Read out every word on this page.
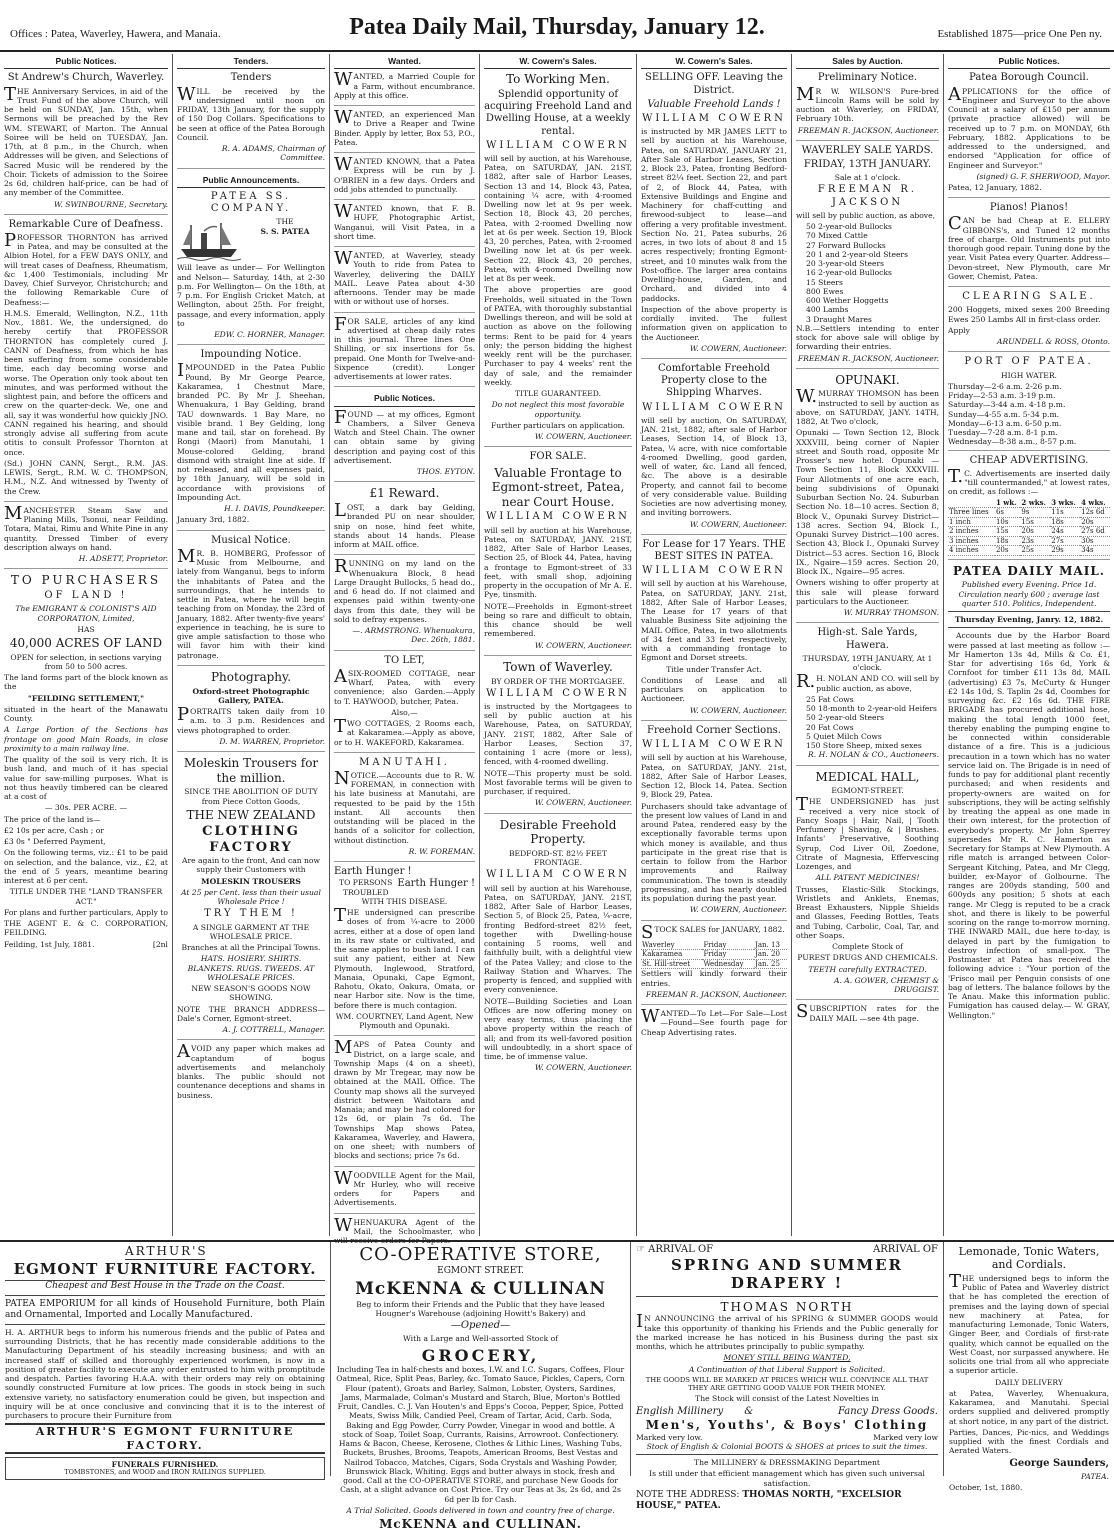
Offices : Patea, Waverley, Hawera, and Manaia.	Patea Daily Mail, Thursday, January 12.	Established 1875—price One Pen ny.
Public Notices.
St Andrew's Church, Waverley.

THE Anniversary Services, in aid of the Trust Fund of the above Church, will be held on SUNDAY, Jan. 15th, when Sermons will be preached by the Rev WM. STEWART, of Marton. The Annual Soiree will be held on TUESDAY, Jan. 17th, at 8 p.m., in the Church, when Addresses will be given, and Selections of Sacred Music will be rendered by the Choir. Tickets of admission to the Soiree 2s 6d, children half-price, can be had of any member of the Committee.

W. SWINBOURNE, Secretary.

Remarkable Cure of Deafness.

PROFESSOR THORNTON has arrived in Patea, and may be consulted at the Albion Hotel, for a FEW DAYS ONLY, and will treat cases of Deafness, Rheumatism, &c 1,400 Testimonials, including Mr Davey, Chief Surveyor, Christchurch; and the following Remarkable Cure of Deafness:—

H.M.S. Emerald, Wellington, N.Z., 11th Nov., 1881. We, the undersigned, do hereby certify that PROFESSOR THORNTON has completely cured J. CANN of Deafness, from which he has been suffering from some considerable time, each day becoming worse and worse. The Operation only took about ten minutes, and was performed without the slightest pain, and before the officers and crew on the quarter-deck. We, one and all, say it was wonderful how quickly JNO. CANN regained his hearing, and should strongly advise all suffering from acute otitis to consult Professor Thornton at once.

(Sd.) JOHN CANN, Sergt., R.M. JAS. LEWIS, Sergt., R.M. W. C. THOMPSON, H.M., N.Z. And witnessed by Twenty of the Crew.

MANCHESTER Steam Saw and Planing Mills, Tsonui, near Feilding. Totara, Matai, Rimu and White Pine in any quantity. Dressed Timber of every description always on hand.

H. ADSETT, Proprietor.

TO PURCHASERS
OF LAND !

The EMIGRANT & COLONIST'S AID CORPORATION, Limited,

HAS

40,000 ACRES OF LAND

OPEN for selection, in sections varying from 50 to 500 acres.

The land forms part of the block known as the

"FEILDING SETTLEMENT,"

situated in the heart of the Manawatu County.

A Large Portion of the Sections has frontage on good Main Roads, in close proximity to a main railway line.

The quality of the soil is very rich. It is bush land, and much of it has special value for saw-milling purposes. What is not thus heavily timbered can be cleared at a cost of

— 30s. PER ACRE. —

The price of the land is—

£2 10s per acre, Cash ; or

£3 0s " Deferred Payment,

On the following terms, viz.: £1 to be paid on selection, and the balance, viz., £2, at the end of 5 years, meantime bearing interest at 6 per cent.

TITLE UNDER THE "LAND TRANSFER ACT."

For plans and further particulars, Apply to

THE AGENT E. & C. CORPORATION, FEILDING.

Feilding, 1st July, 1881.	[2nl

Tenders.
Tenders

WILL be received by the undersigned until noon on FRIDAY, 13th January, for the supply of 150 Dog Collars. Specifications to be seen at office of the Patea Borough Council.

R. A. ADAMS, Chairman of Committee.

Public Announcements.
PATEA SS. COMPANY.
THE
S. S. PATEA

Will leave as under— For Wellington and Nelson— Saturday, 14th, at 2-30 p.m. For Wellington— On the 18th, at 7 p.m. For English Cricket Match, at Wellington, about 25th. For freight, passage, and every information, apply to

EDW. C. HORNER, Manager.

Impounding Notice.

IMPOUNDED in the Patea Public Pound, By Mr George Pearce, Kakaramea, 1 Chestnut Mare, branded PC. By Mr J. Sheehan, Whenuakura, 1 Bay Gelding, brand TAU downwards. 1 Bay Mare, no visible brand. 1 Bey Gelding, long mane and tail, star on forehead. By Rongi (Maori) from Manutahi, 1 Mouse-colored Gelding, brand dismond with straight line at side. If not released, and all expenses paid, by 18th January, will be sold in accordance with provisions of Impounding Act.

H. I. DAVIS, Poundkeeper.

January 3rd, 1882.

Musical Notice.

MR. B. HOMBERG, Professor of Music from Melbourne, and lately from Wanganui, begs to inform the inhabitants of Patea and the surroundings, that he intends to settle in Patea, where he will begin teaching from on Monday, the 23rd of January, 1882. After twenty-five years' experience in teaching, he is sure to give ample satisfaction to those who will favor him with their kind patronage.

Photography.

Oxford-street Photographic Gallery, PATEA.

PORTRAITS taken daily from 10 a.m. to 3 p.m. Residences and views photographed to order.

D. M. WARREN, Proprietor.

Moleskin Trousers for the million.

SINCE THE ABOLITION OF DUTY from Piece Cotton Goods,

THE NEW ZEALAND
CLOTHING FACTORY

Are again to the front, And can now supply their Customers with

MOLESKIN TROUSERS

At 25 per Cent. less than their usual Wholesale Price !

TRY THEM !

A SINGLE GARMENT AT THE WHOLESALE PRICE.

Branches at all the Principal Towns.

HATS. HOSIERY. SHIRTS. BLANKETS. RUGS. TWEEDS. AT WHOLESALE PRICES.

NEW SEASON'S GOODS NOW SHOWING.

NOTE THE BRANCH ADDRESS— Dale's Corner, Egmont-street.

A. J. COTTRELL, Manager.

AVOID any paper which makes ad captandum of bogus advertisements and melancholy blanks. The public should not countenance deceptions and shams in business.

Wanted.

WANTED, a Married Couple for a Farm, without encumbrance. Apply at this office.

WANTED, an experienced Man to Drive a Reaper and Twine Binder. Apply by letter, Box 53, P.O., Patea.

WANTED KNOWN, that a Patea Express will be run by J. O'BRIEN in a few days. Orders and odd jobs attended to punctually.

WANTED known, that F. B. HUFF, Photographic Artist, Wanganui, will Visit Patea, in a short time.

WANTED, at Waverley, steady Youth to ride from Patea to Waverley, delivering the DAILY MAIL. Leave Patea about 4-30 afternoons. Tender may be made with or without use of horses.

FOR SALE, articles of any kind advertised at cheap daily rates in this journal. Three lines One Shilling, or six insertions for 5s. prepaid. One Month for Twelve-and-Sixpence (credit). Longer advertisements at lower rates.

Public Notices.

FOUND — at my offices, Egmont Chambers, a Silver Geneva Watch and Steel Chain. The owner can obtain same by giving description and paying cost of this advertisement.

THOS. EYTON.

£1 Reward.

LOST, a dark bay Gelding, branded PU on near shoulder, snip on nose, hind feet white, stands about 14 hands. Please inform at MAIL office.

RUNNING on my land on the Whenuakura Block, 8 head Large Draught Bullocks, 5 head do., and 6 head do. If not claimed and expenses paid within twenty-one days from this date, they will be sold to defray expenses.

—. ARMSTRONG. Whenuakura, Dec. 26th, 1881.

TO LET,

ASIX-ROOMED COTTAGE, near Wharf, Patea, with every convenience; also Garden.—Apply to T. HAYWOOD, butcher, Patea.

Also,—

TWO COTTAGES, 2 Rooms each, at Kakaramea.—Apply as above, or to H. WAKEFORD, Kakaramea.

MANUTAHI.

NOTICE.—Accounts due to R. W. FOREMAN, in connection with his late business at Manutahi, are requested to be paid by the 15th instant. All accounts then outstanding will be placed in the hands of a solicitor for collection, without distinction.

R. W. FOREMAN.

Earth Hunger !
Earth Hunger !

TO PERSONS TROUBLED WITH THIS DISEASE.

THE undersigned can prescribe doses of from ¼-acre to 2000 acres, either at a dose of open land in its raw state or cultivated, and the same applies to bush land. I can suit any patient, either at New Plymouth, Inglewood, Stratford, Manaia, Opunaki, Cape Egmont, Rahotu, Okato, Oakura, Omata, or near Harbor site. Now is the time, before there is much contagion.

WM. COURTNEY, Land Agent, New Plymouth and Opunaki.

MAPS of Patea County and District, on a large scale, and Township Maps (4 on a sheet), drawn by Mr Tregear, may now be obtained at the MAIL Office. The County map shows all the surveyed district between Waitotara and Manaia; and may be had colored for 12s 6d, or plain 7s 6d. The Townships Map shows Patea, Kakaramea, Waverley, and Hawera, on one sheet; with numbers of blocks and sections; price 7s 6d.

WOODVILLE Agent for the Mail, Mr Hurley, who will receive orders for Papers and Advertisements.

WHENUAKURA Agent of the Mail, the Schoolmaster, who will receive orders for Papers.

W. Cowern's Sales.
To Working Men.
Splendid opportunity of acquiring Freehold Land and Dwelling House, at a weekly rental.
WILLIAM COWERN

will sell by auction, at his Warehouse, Patea, on SATURDAY, JAN. 21ST, 1882, after sale of Harbor Leases, Section 13 and 14, Block 43, Patea, containing ¼ acre, with 4-roomed Dwelling now let at 9s per week. Section 18, Block 43, 20 perches, Patea, with 2-roomed Dwelling now let at 6s per week. Section 19, Block 43, 20 perches, Patea, with 2-roomed Dwelling now let at 6s per week. Section 22, Block 43, 20 perches, Patea, with 4-roomed Dwelling now let at 8s per week.

The above properties are good Freeholds, well situated in the Town of PATEA, with thoroughly substantial Dwellings thereon, and will be sold at auction as above on the following terms: Rent to be paid for 4 years only; the person bidding the highest weekly rent will be the purchaser. Purchaser to pay 4 weeks' rent the day of sale, and the remainder weekly.

TITLE GUARANTEED.

Do not neglect this most favorable opportunity.

Further particulars on application.

W. COWERN, Auctioneer.

FOR SALE.
Valuable Frontage to Egmont-street, Patea, near Court House.
WILLIAM COWERN

will sell by auction at his Warehouse, Patea, on SATURDAY, JANY. 21ST, 1882, After Sale of Harbor Leases, Section 25, of Block 44, Patea, having a frontage to Egmont-street of 33 feet, with small shop, adjoining property in the occupation of Mr A. E. Pye, tinsmith.

NOTE—Freeholds in Egmont-street being so rare and difficult to obtain, this chance should be well remembered.

W. COWERN, Auctioneer.

Town of Waverley.

BY ORDER OF THE MORTGAGEE.

WILLIAM COWERN

is instructed by the Mortgagees to sell by public auction at his Warehouse, Patea, on SATURDAY, JANY. 21ST, 1882, After Sale of Harbor Leases, Section 37, containing 1 acre (more or less), fenced, with 4-roomed dwelling.

NOTE—This property must be sold. Most favorable terms will be given to purchaser, if required.

W. COWERN, Auctioneer.

Desirable Freehold Property.

BEDFORD-ST. 82½ FEET FRONTAGE.

WILLIAM COWERN

will sell by auction at his Warehouse, Patea, on SATURDAY, JANY. 21ST, 1882, After Sale of Harbor Leases, Section 5, of Block 25, Patea, ¼-acre, fronting Bedford-street 82½ feet, together with Dwelling-house containing 5 rooms, well and faithfully built, with a delightful view of the Patea Valley; and close to the Railway Station and Wharves. The property is fenced, and supplied with every convenience.

NOTE—Building Societies and Loan Offices are now offering money on very easy terms, thus placing the above property within the reach of all; and from its well-favored position will undoubtedly, in a short space of time, be of immense value.

W. COWERN, Auctioneer.

W. Cowern's Sales.
SELLING OFF. Leaving the District.
Valuable Freehold Lands !
WILLIAM COWERN

is instructed by MR JAMES LETT to sell by auction at his Warehouse, Patea, on SATURDAY, JANUARY 21, After Sale of Harbor Leases, Section 2, Block 23, Patea, fronting Bedford-street 82¼ feet. Section 22, and part of 2, of Block 44, Patea, with Extensive Buildings and Engine and Machinery for chaff-cutting and firewood-subject to lease—and offering a very profitable investment. Section No. 21, Patea suburbs, 26 acres, in two lots of about 8 and 15 acres respectively; fronting Egmont-street, and 10 minutes walk from the Post-office. The larger area contains Dwelling-house, Garden, and Orchard, and divided into 4 paddocks.

Inspection of the above property is cordially invited. The fullest information given on application to the Auctioneer.

W. COWERN, Auctioneer.

Comfortable Freehold Property close to the Shipping Wharves.
WILLIAM COWERN

will sell by auction, On SATURDAY, JAN. 21st, 1882, after sale of Harbor Leases, Section 14, of Block 13, Patea, ¼ acre, with nice comfortable 4-roomed Dwelling, good garden, well of water, &c. Land all fenced, &c. The above is a desirable Property, and cannot fail to become of very considerable value. Building Societies are now advertising money, and inviting borrowers.

W. COWERN, Auctioneer.

For Lease for 17 Years. THE BEST SITES IN PATEA.
WILLIAM COWERN

will sell by auction at his Warehouse, Patea, on SATURDAY, JANY. 21st, 1882, After Sale of Harbor Leases, The Lease for 17 years of that valuable Business Site adjoining the MAIL Office, Patea, in two allotments of 34 feet and 33 feet respectively, with a commanding frontage to Egmont and Dorset streets.

Title under Transfer Act.

Conditions of Lease and all particulars on application to Auctioneer.

W. COWERN, Auctioneer.

Freehold Corner Sections.
WILLIAM COWERN

will sell by auction at his Warehouse, Patea, on SATURDAY, JANY. 21st, 1882, After Sale of Harbor Leases, Section 12, Block 14, Patea. Section 9, Block 29, Patea.

Purchasers should take advantage of the present low values of Land in and around Patea, rendered easy by the exceptionally favorable terms upon which money is available, and thus participate in the great rise that is certain to follow from the Harbor improvements and Railway communication. The town is steadily progressing, and has nearly doubled its population during the past year.

W. COWERN, Auctioneer.

STOCK SALES for JANUARY, 1882.

Waverley	Friday	Jan. 13
Kakaramea	Friday	Jan. 20
St. Hill-street	Wednesday	Jan. 25

Settlers will kindly forward their entries.

FREEMAN R. JACKSON, Auctioneer.

WANTED—To Let—For Sale—Lost—Found—See fourth page for Cheap Advertising rates.

Sales by Auction.
Preliminary Notice.

MR W. WILSON'S Pure-bred Lincoln Rams will be sold by auction at Waverley, on FRIDAY, February 10th.

FREEMAN R. JACKSON, Auctioneer.

WAVERLEY SALE YARDS.
FRIDAY, 13TH JANUARY.

Sale at 1 o'clock.

FREEMAN R. JACKSON

will sell by public auction, as above,

50 2-year-old Bullocks
70 Mixed Cattle
27 Forward Bullocks
20 1 and 2-year-old Steers
20 3-year-old Steers
16 2-year-old Bullocks
15 Steers
800 Ewes
600 Wether Hoggetts
400 Lambs
3 Draught Mares

N.B.—Settlers intending to enter stock for above sale will oblige by forwarding their entries.

FREEMAN R. JACKSON, Auctioneer.

OPUNAKI.

W.MURRAY THOMSON has been instructed to sell by auction as above, on SATURDAY, JANY. 14TH, 1882, At Two o'clock,

Opunaki — Town Section 12, Block XXXVIII, being corner of Napier street and South road, opposite Mr Prosser's new hotel. Opunaki — Town Section 11, Block XXXVIII. Four Allotments of one acre each, being subdivisions of Opunaki Suburban Section No. 24. Suburban Section No. 18—10 acres. Section 8, Block V., Opunaki Survey District—138 acres. Section 94, Block I., Opunaki Survey District—100 acres. Section 43, Block I., Opunaki Survey District—53 acres. Section 16, Block IX., Ngaire—159 acres. Section 20, Block IX., Ngaire—95 acres.

Owners wishing to offer property at this sale will please forward particulars to the Auctioneer.

W. MURRAY THOMSON.

High-st. Sale Yards, Hawera.

THURSDAY, 19TH JANUARY, At 1 o'clock.

R.H. NOLAN AND CO. will sell by public auction, as above,

25 Fat Cows
50 18-month to 2-year-old Heifers
50 2-year-old Steers
20 Fat Cows
5 Quiet Milch Cows
150 Store Sheep, mixed sexes

R. H. NOLAN & CO., Auctioneers.

MEDICAL HALL,

EGMONT-STREET.

THE UNDERSIGNED has just received a very nice stock of Fancy Soaps | Hair, Nail, | Tooth Perfumery | Shaving, & | Brushes. Infants' Preservative, Soothing Syrup, Cod Liver Oil, Zoedone, Citrate of Magnesia, Effervescing Lozenges, and

ALL PATENT MEDICINES!

Trusses, Elastic-Silk Stockings, Wristlets and Anklets, Enemas, Breast Exhausters, Nipple Shields and Glasses, Feeding Bottles, Teats and Tubing, Carbolic, Coal, Tar, and other Soaps.

Complete Stock of

PUREST DRUGS AND CHEMICALS.

TEETH carefully EXTRACTED.

A. A. GOWER, CHEMIST & DRUGGIST.

SUBSCRIPTION rates for the DAILY MAIL —see 4th page.

Public Notices.
Patea Borough Council.

APPLICATIONS for the office of Engineer and Surveyor to the above Council at a salary of £150 per annum (private practice allowed) will be received up to 7 p.m. on MONDAY, 6th February, 1882. Applications to be addressed to the undersigned, and endorsed "Application for office of Engineer and Surveyor."

(signed) G. F. SHERWOOD, Mayor.

Patea, 12 January, 1882.

Pianos! Pianos!

CAN be had Cheap at E. ELLERY GIBBONS's, and Tuned 12 months free of charge. Old Instruments put into thorough good repair. Tuning done by the year. Visit Patea every Quarter. Address—Devon-street, New Plymouth, care Mr Gower, Chemist, Patea.

CLEARING SALE.

200 Hoggets, mixed sexes 200 Breeding Ewes 250 Lambs All in first-class order.

Apply

ARUNDELL & ROSS, Otonto.

PORT OF PATEA.

HIGH WATER.

Thursday—2-6 a.m. 2-26 p.m.
Friday—2-53 a.m. 3-19 p.m.
Saturday—3-44 a.m. 4-18 p.m.
Sunday—4-55 a.m. 5-34 p.m.
Monday—6-13 a.m. 6-50 p.m.
Tuesday—7-28 a.m. 8-1 p.m.
Wednesday—8-38 a.m., 8-57 p.m.
CHEAP ADVERTISING.

T.C. Advertisements are inserted daily "till countermanded," at lowest rates, on credit, as follows :—

	1 wk.	2 wks.	3 wks.	4 wks.
Three lines	6s	9s	11s	12s 6d
1 inch	10s	15s	18s	20s
2 inches	15s	20s	24s	27s 6d
3 inches	18s	23s	27s	30s
4 inches	20s	25s	29s	34s
PATEA DAILY MAIL.

Published every Evening. Price 1d. Circulation nearly 600 ; average last quarter 510. Politics, Independent.

Thursday Evening, Janry. 12, 1882.

Accounts due by the Harbor Board were passed at last meeting as follow :— Mr Hamerton 13s 4d, Mills & Co. £1, Star for advertising 16s 6d, York & Cornfoot for timber £11 13s 8d, MAIL (advertising) £3 7s, McCurty & Hunger £2 14s 10d, S. Taplin 2s 4d, Coombes for surveying &c. £2 16s 6d. THE FIRE BRIGADE has procured additional hose, making the total length 1000 feet, thereby enabling the pumping engine to be connected within considerable distance of a fire. This is a judicious precaution in a town which has no water service laid on. The Brigade is in need of funds to pay for additional plant recently purchased; and when residents and property-owners are waited on for subscriptions, they will be acting selfishly by treating the appeal as one made in their own interest, for the protection of everybody's property. Mr John Sperrey supersedes Mr R. C. Hamerton as Secretary for Stamps at New Plymouth. A rifle match is arranged between Color-Sergeant Kitching, Patea, and Mr Clegg, builder, ex-Mayor of Golbourne. The ranges are 200yds standing, 500 and 600yds any position; 5 shots at each range. Mr Clegg is reputed to be a crack shot, and there is likely to be powerful scoring on the range to-morrow morning. THE INWARD MAIL, due here to-day, is delayed in part by the fumigation to destroy infection of small-pox. The Postmaster at Patea has received the following advice : "Your portion of the 'Frisco mail per Penguin consists of one bag of letters. The balance follows by the Te Anau. Make this information public. Fumigation has caused delay.— W. GRAY, Wellington."

ARTHUR'S
EGMONT FURNITURE FACTORY.

Cheapest and Best House in the Trade on the Coast.

PATEA EMPORIUM for all kinds of Household Furniture, both Plain and Ornamental, Imported and Locally Manufactured.

H. A. ARTHUR begs to inform his numerous friends and the public of Patea and surrounding Districts, that he has recently made considerable additions to the Manufacturing Department of his steadily increasing business; and with an increased staff of skilled and thoroughly experienced workmen, is now in a position of greater facility to execute any order entrusted to him with promptitude and despatch. Parties favoring H.A.A. with their orders may rely on obtaining soundly constructed Furniture at low prices. The goods in stock being in such extensive variety, no satisfactory enumeration could be given, but inspection and inquiry will be at once conclusive and convincing that it is to the interest of purchasers to procure their Furniture from

ARTHUR'S EGMONT FURNITURE FACTORY.
FUNERALS FURNISHED.
TOMBSTONES, and WOOD and IRON RAILINGS SUPPLIED.
CO-OPERATIVE STORE,

EGMONT STREET.

McKENNA & CULLINAN

Beg to inform their Friends and the Public that they have leased Hougner's Warehouse (adjoining Howitt's Bakery) and

—Opened—

With a Large and Well-assorted Stock of

GROCERY,

Including Tea in half-chests and boxes, I.W. and I.C. Sugars, Coffees, Flour Oatmeal, Rice, Split Peas, Barley, &c. Tomato Sauce, Pickles, Capers, Corn Flour (patent), Groats and Barley, Salmon, Lobster, Oysters, Sardines, Jams, Marmalade, Colman's Mustard and Starch, Blue, Morton's Bottled Fruit, Candles. C. J. Van Houten's and Epps's Cocoa, Pepper, Spice, Potted Meats, Swiss Milk, Candied Peel, Cream of Tartar, Acid, Carb. Soda, Baking and Egg Powder, Curry Powder, Vinegar in wood and bottle. A stock of Soap, Toilet Soap, Currants, Raisins, Arrowroot. Confectionery. Hams & Bacon, Cheese, Kerosene, Clothes & Lithic Lines, Washing Tubs, Buckets, Brushes, Brooms, Teapots, American Brooms, Best Vestas and Nailrod Tobacco, Matches, Cigars, Soda Crystals and Washing Powder, Brunswick Black, Whiting. Eggs and butter always in stock, fresh and good. Call at the CO-OPERATIVE STORE, and purchase New Goods for Cash, at a slight advance on Cost Price. Try our Teas at 3s, 2s 6d, and 2s 6d per lb for Cash.

A Trial Solicited. Goods delivered in town and country free of charge.

McKENNA and CULLINAN.
☞ ARRIVAL OF	ARRIVAL OF
SPRING AND SUMMER DRAPERY !
THOMAS NORTH

IN ANNOUNCING the arrival of his SPRING & SUMMER GOODS would take this opportunity of thanking his Friends and the Public generally for the marked increase he has noticed in his Business during the past six months, which he attributes principally to public sympathy.

MONEY STILL BEING WANTED,

A Continuation of that Liberal Support is Solicited.

THE GOODS WILL BE MARKED AT PRICES WHICH WILL CONVINCE ALL THAT THEY ARE GETTING GOOD VALUE FOR THEIR MONEY.

The Stock will consist of the Latest Novelties in

English Millinery &	Fancy Dress Goods.
Men's, Youths', & Boys' Clothing
Marked very low.	Marked very low

Stock of English & Colonial BOOTS & SHOES at prices to suit the times.

The MILLINERY & DRESSMAKING Department

Is still under that efficient management which has given such universal satisfaction.

NOTE THE ADDRESS: THOMAS NORTH, "EXCELSIOR HOUSE," PATEA.
Lemonade, Tonic Waters, and Cordials.

THE undersigned begs to inform the Public of Patea and Waverley district that he has completed the erection of premises and the laying down of special new machinery at Patea, for manufacturing Lemonade, Tonic Waters, Ginger Beer, and Cordials of first-rate quality, which cannot be equalled on the West Coast, nor surpassed anywhere. He solicits one trial from all who appreciate a superior article.

DAILY DELIVERY

at Patea, Waverley, Whenuakura, Kakaramea, and Manutahi. Special orders supplied and delivered promptly at short notice, in any part of the district.

Parties, Dances, Pic-nics, and Weddings supplied with the finest Cordials and Aerated Waters.

George Saunders,

PATEA.

October, 1st, 1880.
